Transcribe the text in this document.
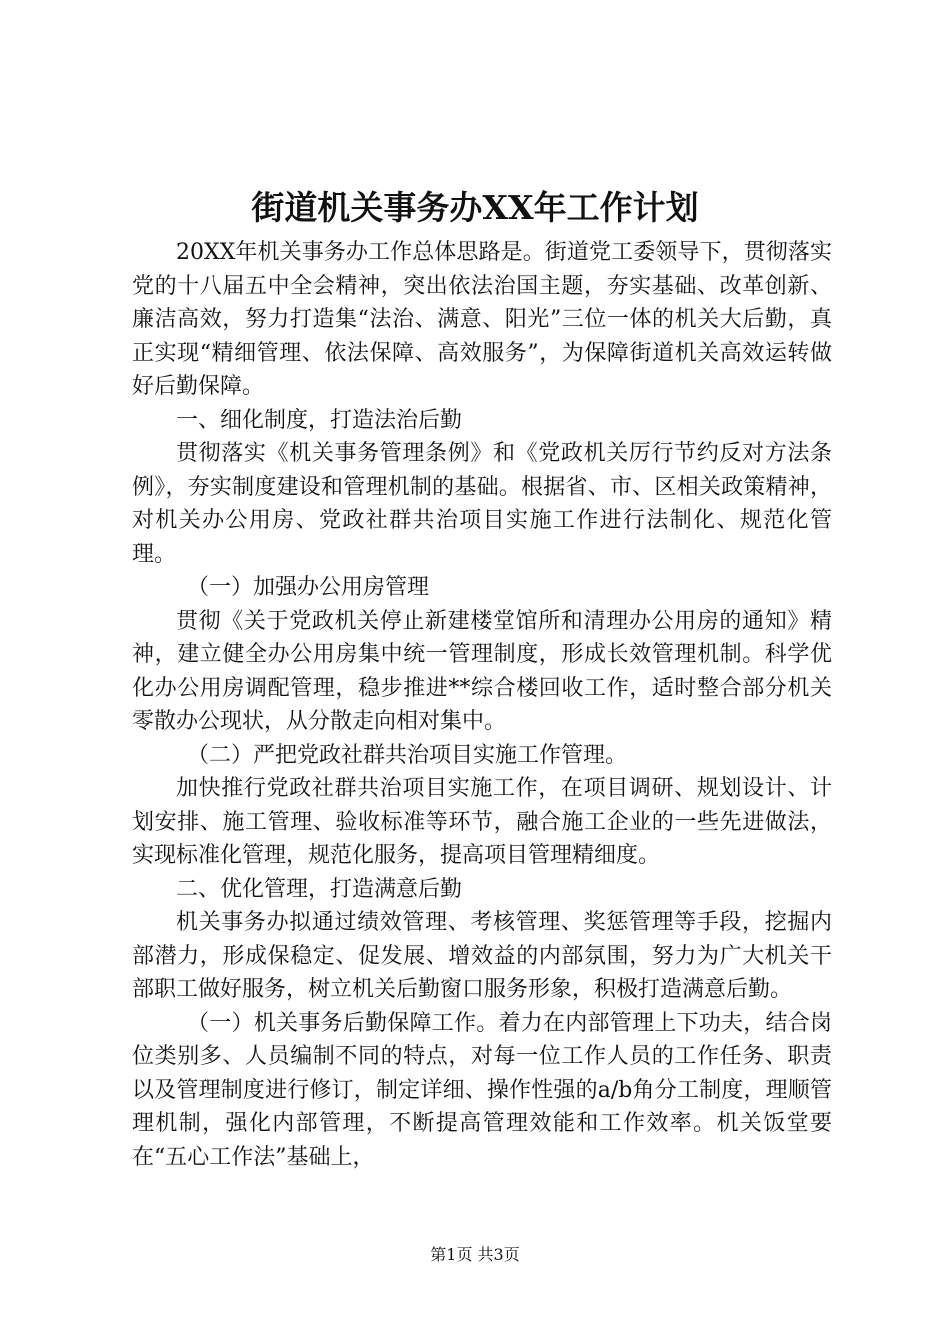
街道机关事务办XX年工作计划

20XX年机关事务办工作总体思路是。街道党工委领导下，贯彻落实党的十八届五中全会精神，突出依法治国主题，夯实基础、改革创新、廉洁高效，努力打造集“法治、满意、阳光”三位一体的机关大后勤，真正实现“精细管理、依法保障、高效服务”，为保障街道机关高效运转做好后勤保障。

一、细化制度，打造法治后勤

贯彻落实《机关事务管理条例》和《党政机关厉行节约反对方法条例》，夯实制度建设和管理机制的基础。根据省、市、区相关政策精神，对机关办公用房、党政社群共治项目实施工作进行法制化、规范化管理。

（一）加强办公用房管理

贯彻《关于党政机关停止新建楼堂馆所和清理办公用房的通知》精神，建立健全办公用房集中统一管理制度，形成长效管理机制。科学优化办公用房调配管理，稳步推进**综合楼回收工作，适时整合部分机关零散办公现状，从分散走向相对集中。

（二）严把党政社群共治项目实施工作管理。

加快推行党政社群共治项目实施工作，在项目调研、规划设计、计划安排、施工管理、验收标准等环节，融合施工企业的一些先进做法，实现标准化管理，规范化服务，提高项目管理精细度。

二、优化管理，打造满意后勤

机关事务办拟通过绩效管理、考核管理、奖惩管理等手段，挖掘内部潜力，形成保稳定、促发展、增效益的内部氛围，努力为广大机关干部职工做好服务，树立机关后勤窗口服务形象，积极打造满意后勤。

（一）机关事务后勤保障工作。着力在内部管理上下功夫，结合岗位类别多、人员编制不同的特点，对每一位工作人员的工作任务、职责以及管理制度进行修订，制定详细、操作性强的a/b角分工制度，理顺管理机制，强化内部管理，不断提高管理效能和工作效率。机关饭堂要在“五心工作法”基础上，

第1页 共3页
